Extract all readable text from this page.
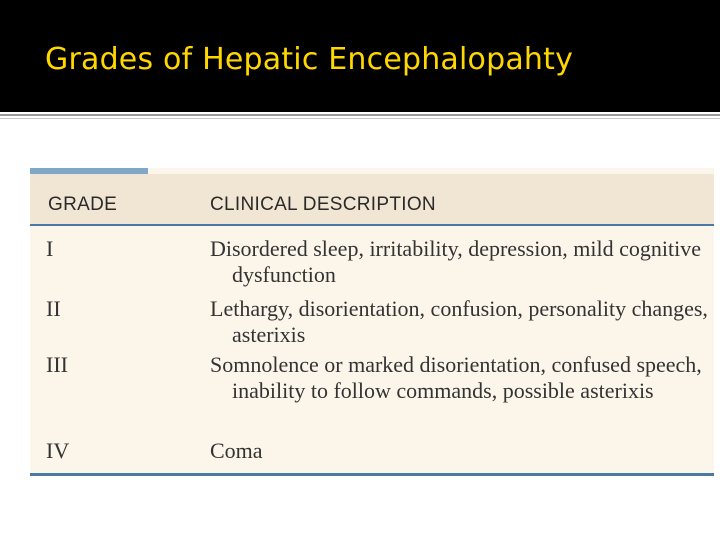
Grades of Hepatic Encephalopahty
GRADE	CLINICAL DESCRIPTION
I	Disordered sleep, irritability, depression, mild cognitive dysfunction

II	Lethargy, disorientation, confusion, personality changes, asterixis

III	Somnolence or marked disorientation, confused speech, inability to follow commands, possible asterixis

IV	Coma
